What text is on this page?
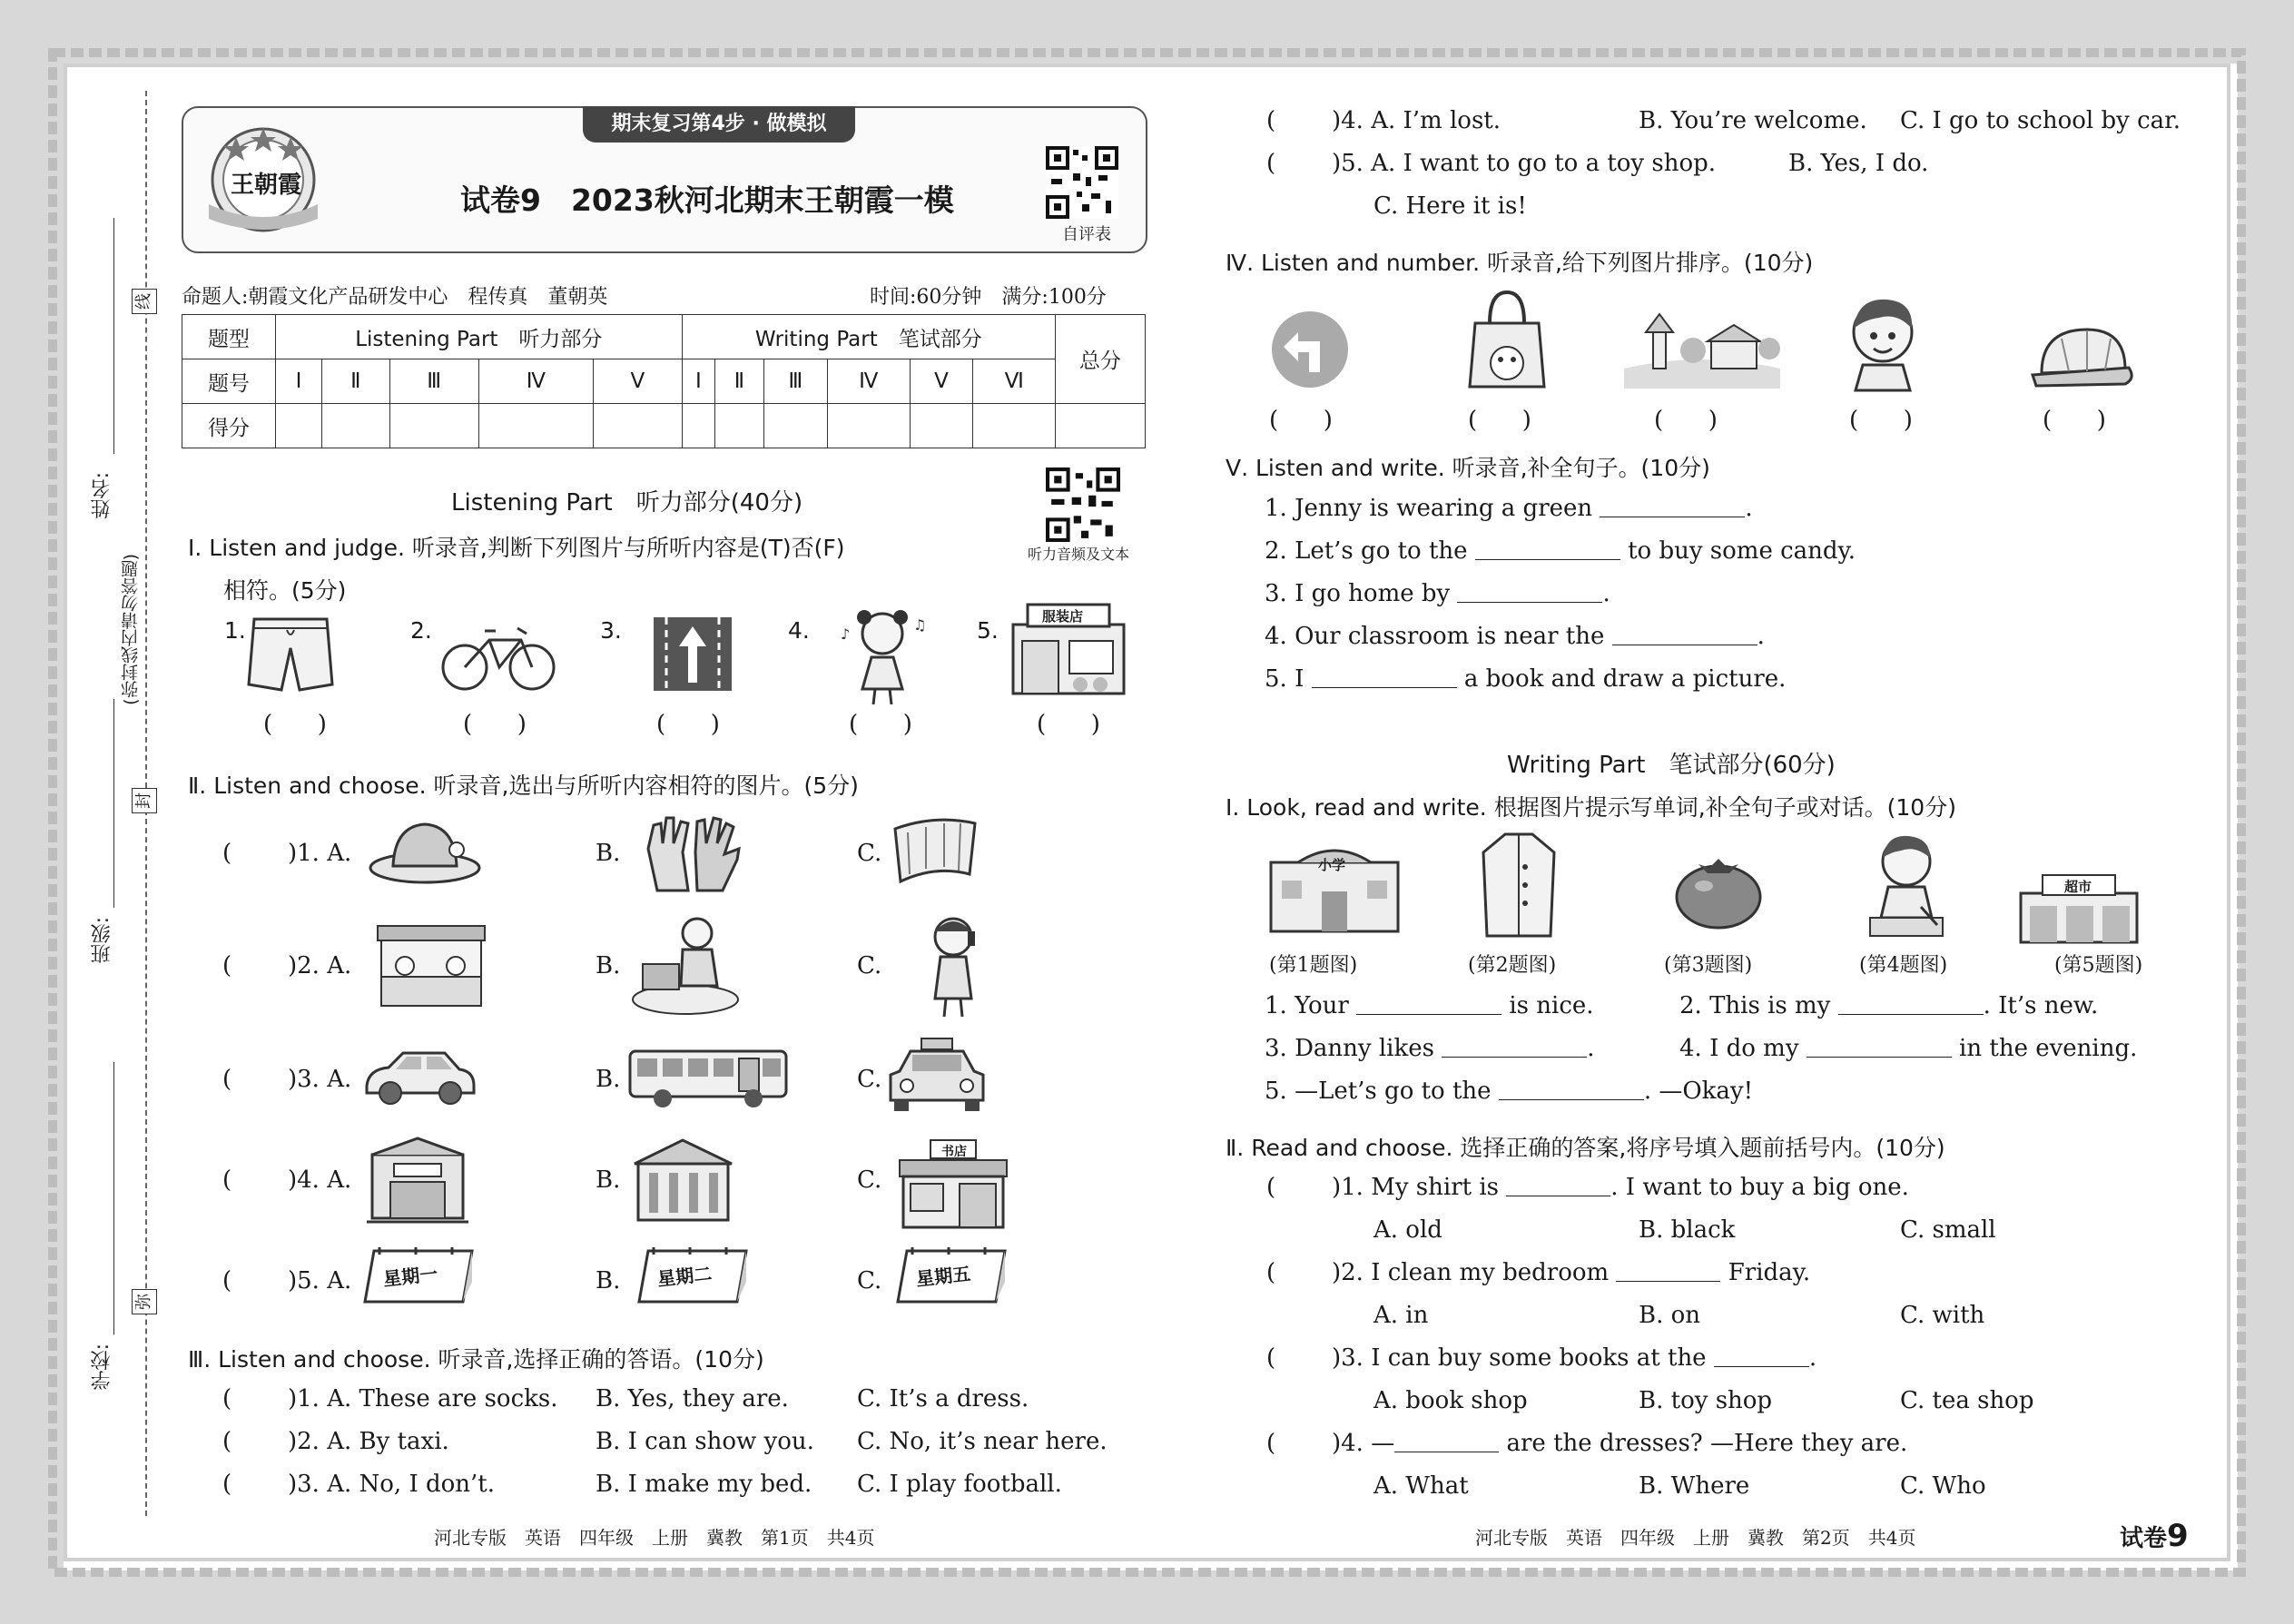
姓名:
班级:
学校:
(弥封线内请勿答题)
线
封
弥
期末复习第4步 · 做模拟
王朝霞	试卷9　2023秋河北期末王朝霞一模
自评表
命题人:朝霞文化产品研发中心　程传真　董朝英	时间:60分钟　满分:100分
题型	Listening Part　听力部分					Writing Part　笔试部分						总分
题号	Ⅰ	Ⅱ	Ⅲ	Ⅳ	Ⅴ	Ⅰ	Ⅱ	Ⅲ	Ⅳ	Ⅴ	Ⅵ	
得分												
Listening Part　听力部分(40分)
听力音频及文本
Ⅰ. Listen and judge. 听录音,判断下列图片与所听内容是(T)否(F)
相符。(5分)
1.
(      )
2.
(      )
3.
(      )
4. ♪
♫
(      )
5.
服装店
(      )
Ⅱ. Listen and choose. 听录音,选出与所听内容相符的图片。(5分)
( )1. A.	B.	C.
( )2. A.	B.	C.
( )3. A.	B.	C.
( )4. A.	B.	C.
书店
( )5. A. 星期一	B. 星期二	C. 星期五
Ⅲ. Listen and choose. 听录音,选择正确的答语。(10分)
( )1. A. These are socks. B. Yes, they are.	C. It’s a dress.
( )2. A. By taxi.	B. I can show you. C. No, it’s near here.
( )3. A. No, I don’t.	B. I make my bed. C. I play football.
河北专版　英语　四年级　上册　冀教　第1页　共4页
( )4. A. I’m lost.	B. You’re welcome. C. I go to school by car.
( )5. A. I want to go to a toy shop.	B. Yes, I do.
C. Here it is!
Ⅳ. Listen and number. 听录音,给下列图片排序。(10分)
(      )	(      )	(      )	(      )	(      )
Ⅴ. Listen and write. 听录音,补全句子。(10分)
1. Jenny is wearing a green	.
2. Let’s go to the	to buy some candy.
3. I go home by	.
4. Our classroom is near the	.
5. I	a book and draw a picture.
Writing Part　笔试部分(60分)
Ⅰ. Look, read and write. 根据图片提示写单词,补全句子或对话。(10分)
小学
(第1题图)	(第2题图)	(第3题图)	(第4题图)
超市
(第5题图)
1. Your	is nice.	2. This is my	. It’s new.
3. Danny likes	.	4. I do my	in the evening.
5. —Let’s go to the	. —Okay!
Ⅱ. Read and choose. 选择正确的答案,将序号填入题前括号内。(10分)
( )1. My shirt is	. I want to buy a big one.
A. old	B. black	C. small
( )2. I clean my bedroom	Friday.
A. in	B. on	C. with
( )3. I can buy some books at the	.
A. book shop	B. toy shop	C. tea shop
( )4. —	are the dresses? —Here they are.
A. What	B. Where	C. Who
河北专版　英语　四年级　上册　冀教　第2页　共4页	试卷9
